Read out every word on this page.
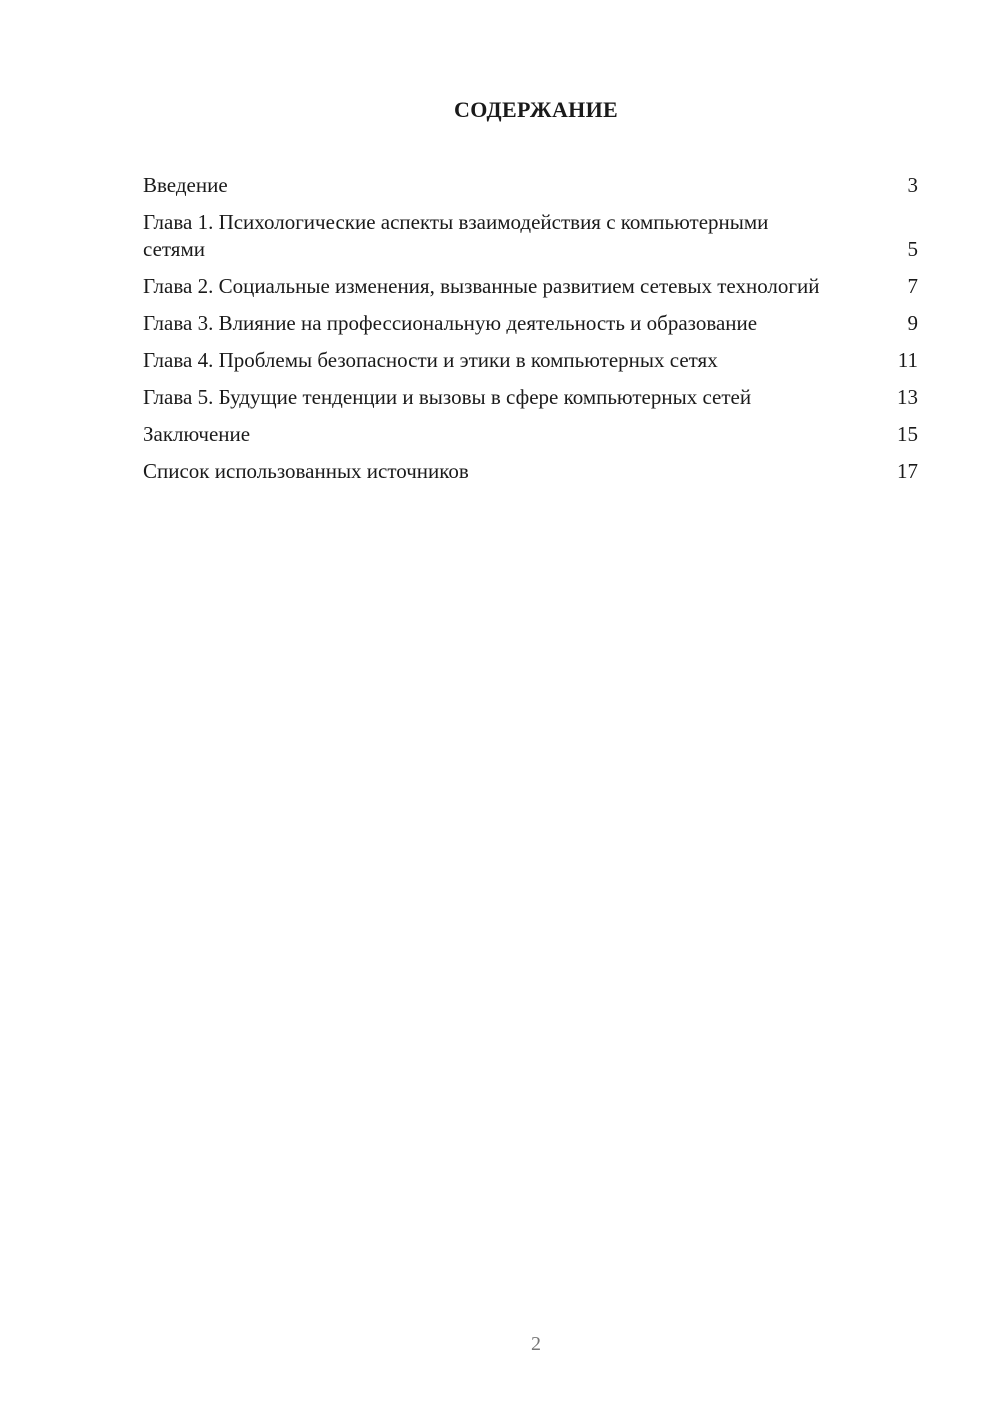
СОДЕРЖАНИЕ
Введение	3
Глава 1. Психологические аспекты взаимодействия с компьютерными сетями	5
Глава 2. Социальные изменения, вызванные развитием сетевых технологий	7
Глава 3. Влияние на профессиональную деятельность и образование	9
Глава 4. Проблемы безопасности и этики в компьютерных сетях	11
Глава 5. Будущие тенденции и вызовы в сфере компьютерных сетей	13
Заключение	15
Список использованных источников	17
2
